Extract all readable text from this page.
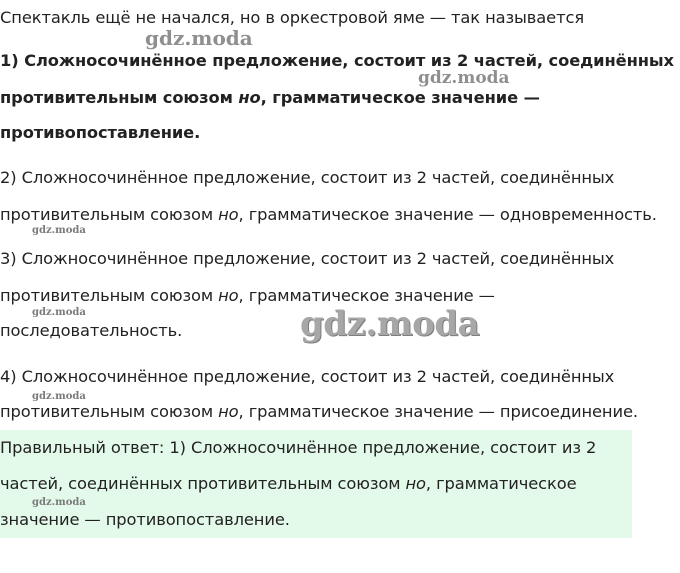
Спектакль ещё не начался, но в оркестровой яме — так называется
1) Сложносочинённое предложение, состоит из 2 частей, соединённых
противительным союзом но, грамматическое значение —
противопоставление.
2) Сложносочинённое предложение, состоит из 2 частей, соединённых
противительным союзом но, грамматическое значение — одновременность.
3) Сложносочинённое предложение, состоит из 2 частей, соединённых
противительным союзом но, грамматическое значение —
последовательность.
4) Сложносочинённое предложение, состоит из 2 частей, соединённых
противительным союзом но, грамматическое значение — присоединение.
Правильный ответ: 1) Сложносочинённое предложение, состоит из 2
частей, соединённых противительным союзом но, грамматическое
значение — противопоставление.
gdz.moda
gdz.moda
gdz.moda
gdz.moda	gdz.moda
gdz.moda
gdz.moda
